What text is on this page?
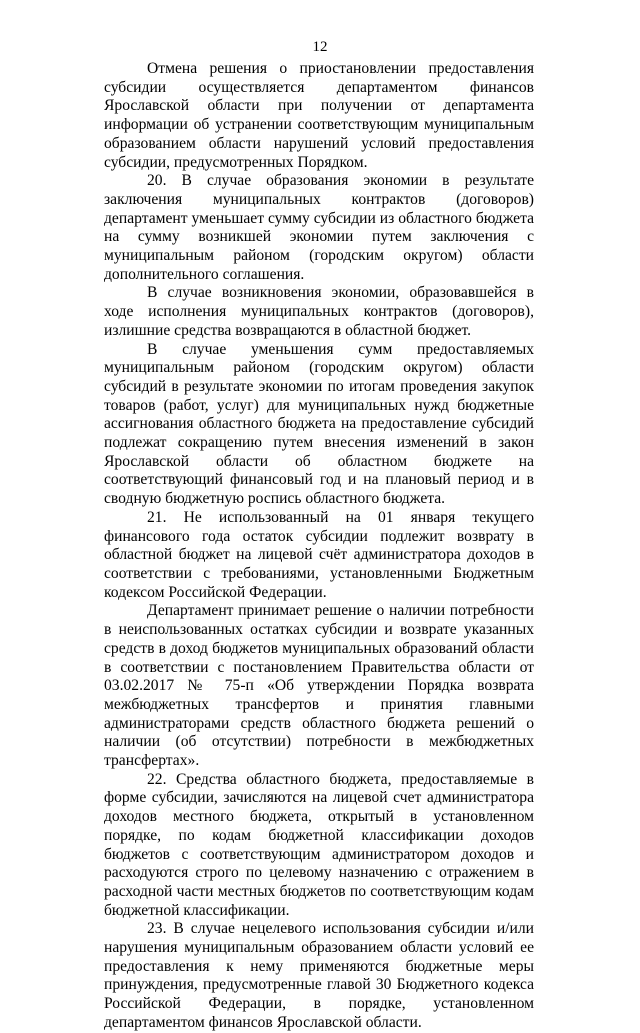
12

Отмена решения о приостановлении предоставления субсидии осуществляется департаментом финансов Ярославской области при получении от департамента информации об устранении соответствующим муниципальным образованием области нарушений условий предоставления субсидии, предусмотренных Порядком.

20. В случае образования экономии в результате заключения муниципальных контрактов (договоров) департамент уменьшает сумму субсидии из областного бюджета на сумму возникшей экономии путем заключения с муниципальным районом (городским округом) области дополнительного соглашения.

В случае возникновения экономии, образовавшейся в ходе исполнения муниципальных контрактов (договоров), излишние средства возвращаются в областной бюджет.

В случае уменьшения сумм предоставляемых муниципальным районом (городским округом) области субсидий в результате экономии по итогам проведения закупок товаров (работ, услуг) для муниципальных нужд бюджетные ассигнования областного бюджета на предоставление субсидий подлежат сокращению путем внесения изменений в закон Ярославской области об областном бюджете на соответствующий финансовый год и на плановый период и в сводную бюджетную роспись областного бюджета.

21. Не использованный на 01 января текущего финансового года остаток субсидии подлежит возврату в областной бюджет на лицевой счёт администратора доходов в соответствии с требованиями, установленными Бюджетным кодексом Российской Федерации.

Департамент принимает решение о наличии потребности в неиспользованных остатках субсидии и возврате указанных средств в доход бюджетов муниципальных образований области в соответствии с постановлением Правительства области от 03.02.2017 № 75-п «Об утверждении Порядка возврата межбюджетных трансфертов и принятия главными администраторами средств областного бюджета решений о наличии (об отсутствии) потребности в межбюджетных трансфертах».

22. Средства областного бюджета, предоставляемые в форме субсидии, зачисляются на лицевой счет администратора доходов местного бюджета, открытый в установленном порядке, по кодам бюджетной классификации доходов бюджетов с соответствующим администратором доходов и расходуются строго по целевому назначению с отражением в расходной части местных бюджетов по соответствующим кодам бюджетной классификации.

23. В случае нецелевого использования субсидии и/или нарушения муниципальным образованием области условий ее предоставления к нему применяются бюджетные меры принуждения, предусмотренные главой 30 Бюджетного кодекса Российской Федерации, в порядке, установленном департаментом финансов Ярославской области.
